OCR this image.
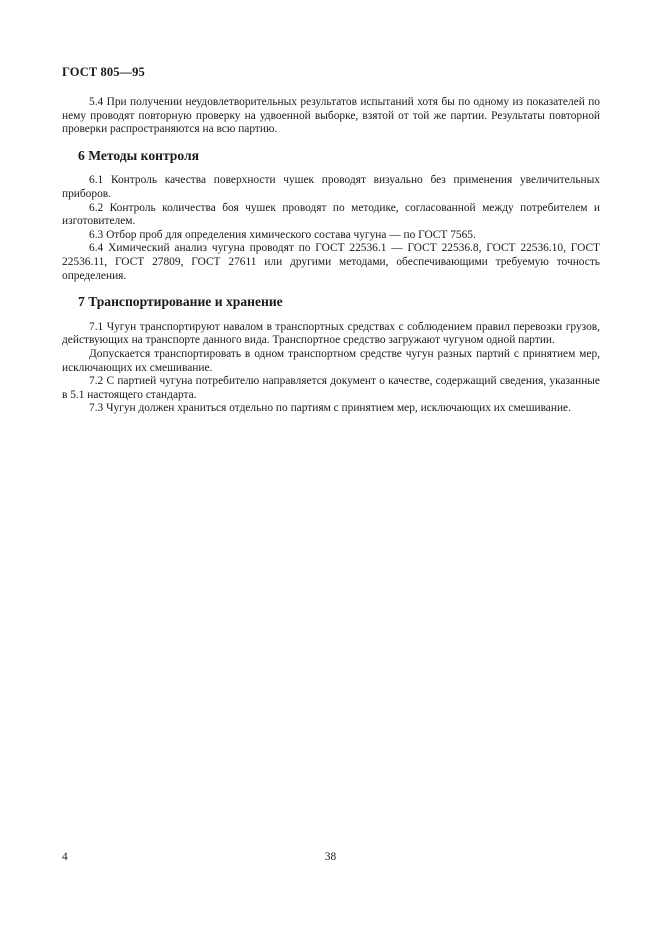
ГОСТ 805—95

5.4 При получении неудовлетворительных результатов испытаний хотя бы по одному из показателей по нему проводят повторную проверку на удвоенной выборке, взятой от той же партии. Результаты повторной проверки распространяются на всю партию.

6 Методы контроля

6.1 Контроль качества поверхности чушек проводят визуально без применения увеличительных приборов.

6.2 Контроль количества боя чушек проводят по методике, согласованной между потребителем и изготовителем.

6.3 Отбор проб для определения химического состава чугуна — по ГОСТ 7565.

6.4 Химический анализ чугуна проводят по ГОСТ 22536.1 — ГОСТ 22536.8, ГОСТ 22536.10, ГОСТ 22536.11, ГОСТ 27809, ГОСТ 27611 или другими методами, обеспечивающими требуемую точность определения.

7 Транспортирование и хранение

7.1 Чугун транспортируют навалом в транспортных средствах с соблюдением правил перевозки грузов, действующих на транспорте данного вида. Транспортное средство загружают чугуном одной партии.

Допускается транспортировать в одном транспортном средстве чугун разных партий с принятием мер, исключающих их смешивание.

7.2 С партией чугуна потребителю направляется документ о качестве, содержащий сведения, указанные в 5.1 настоящего стандарта.

7.3 Чугун должен храниться отдельно по партиям с принятием мер, исключающих их смешивание.

4	38
